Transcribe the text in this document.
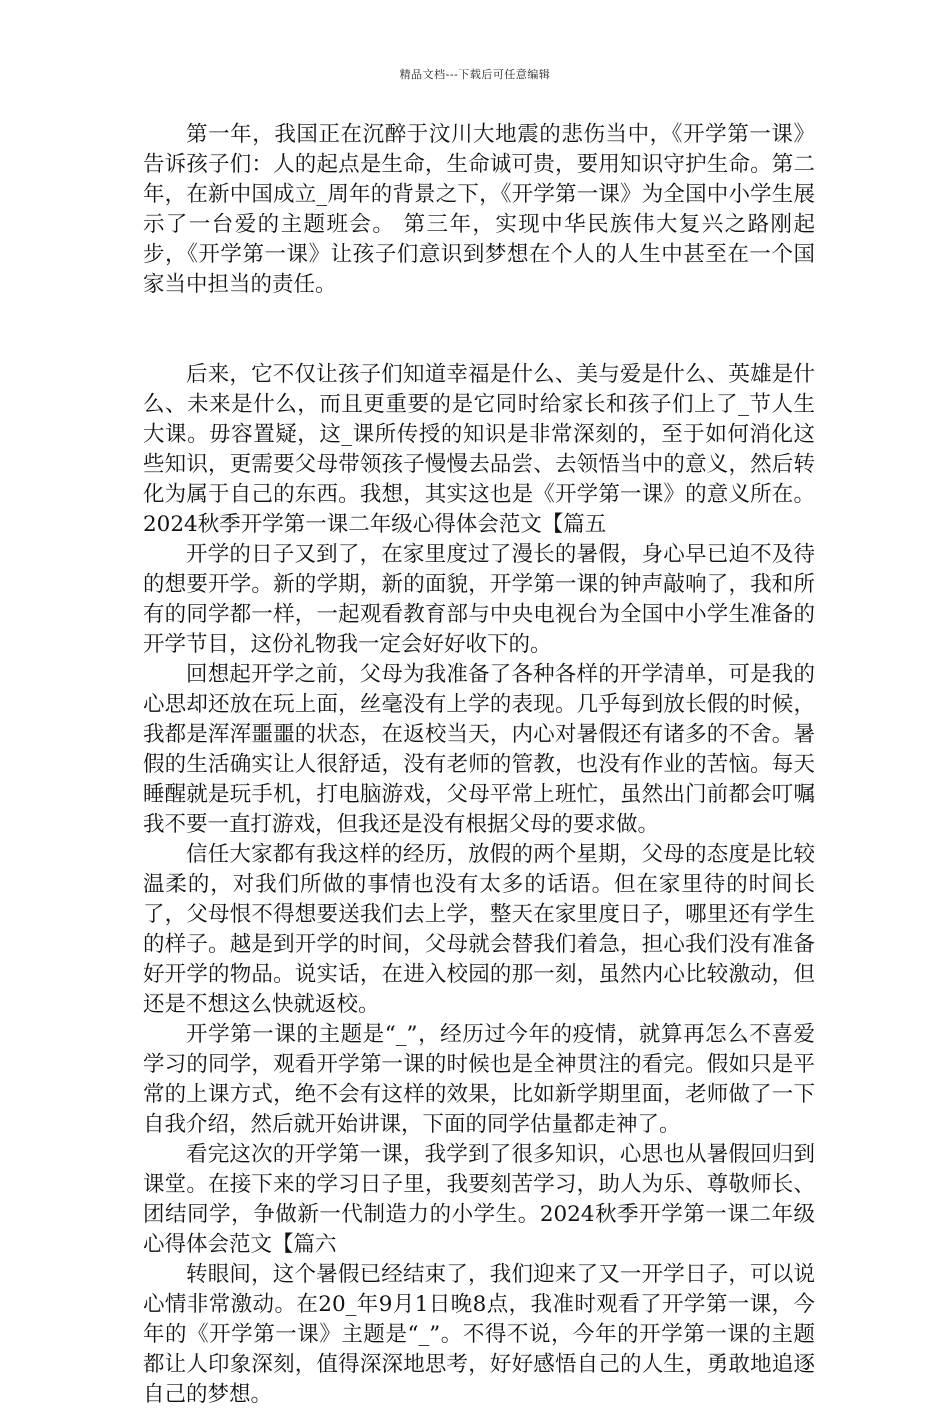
精品文档---下载后可任意编辑

第一年，我国正在沉醉于汶川大地震的悲伤当中，《开学第一课》告诉孩子们：人的起点是生命，生命诚可贵，要用知识守护生命。第二年，在新中国成立_周年的背景之下，《开学第一课》为全国中小学生展示了一台爱的主题班会。 第三年，实现中华民族伟大复兴之路刚起步，《开学第一课》让孩子们意识到梦想在个人的人生中甚至在一个国家当中担当的责任。

后来，它不仅让孩子们知道幸福是什么、美与爱是什么、英雄是什么、未来是什么，而且更重要的是它同时给家长和孩子们上了_节人生大课。毋容置疑，这_课所传授的知识是非常深刻的，至于如何消化这些知识，更需要父母带领孩子慢慢去品尝、去领悟当中的意义，然后转化为属于自己的东西。我想，其实这也是《开学第一课》的意义所在。2024秋季开学第一课二年级心得体会范文【篇五

开学的日子又到了，在家里度过了漫长的暑假，身心早已迫不及待的想要开学。新的学期，新的面貌，开学第一课的钟声敲响了，我和所有的同学都一样，一起观看教育部与中央电视台为全国中小学生准备的开学节目，这份礼物我一定会好好收下的。

回想起开学之前，父母为我准备了各种各样的开学清单，可是我的心思却还放在玩上面，丝毫没有上学的表现。几乎每到放长假的时候，我都是浑浑噩噩的状态，在返校当天，内心对暑假还有诸多的不舍。暑假的生活确实让人很舒适，没有老师的管教，也没有作业的苦恼。每天睡醒就是玩手机，打电脑游戏，父母平常上班忙，虽然出门前都会叮嘱我不要一直打游戏，但我还是没有根据父母的要求做。

信任大家都有我这样的经历，放假的两个星期，父母的态度是比较温柔的，对我们所做的事情也没有太多的话语。但在家里待的时间长了，父母恨不得想要送我们去上学，整天在家里度日子，哪里还有学生的样子。越是到开学的时间，父母就会替我们着急，担心我们没有准备好开学的物品。说实话，在进入校园的那一刻，虽然内心比较激动，但还是不想这么快就返校。

开学第一课的主题是“_”，经历过今年的疫情，就算再怎么不喜爱学习的同学，观看开学第一课的时候也是全神贯注的看完。假如只是平常的上课方式，绝不会有这样的效果，比如新学期里面，老师做了一下自我介绍，然后就开始讲课，下面的同学估量都走神了。

看完这次的开学第一课，我学到了很多知识，心思也从暑假回归到课堂。在接下来的学习日子里，我要刻苦学习，助人为乐、尊敬师长、团结同学，争做新一代制造力的小学生。2024秋季开学第一课二年级心得体会范文【篇六

转眼间，这个暑假已经结束了，我们迎来了又一开学日子，可以说心情非常激动。在20_年9月1日晚8点，我准时观看了开学第一课，今年的《开学第一课》主题是“_”。不得不说，今年的开学第一课的主题都让人印象深刻，值得深深地思考，好好感悟自己的人生，勇敢地追逐自己的梦想。
